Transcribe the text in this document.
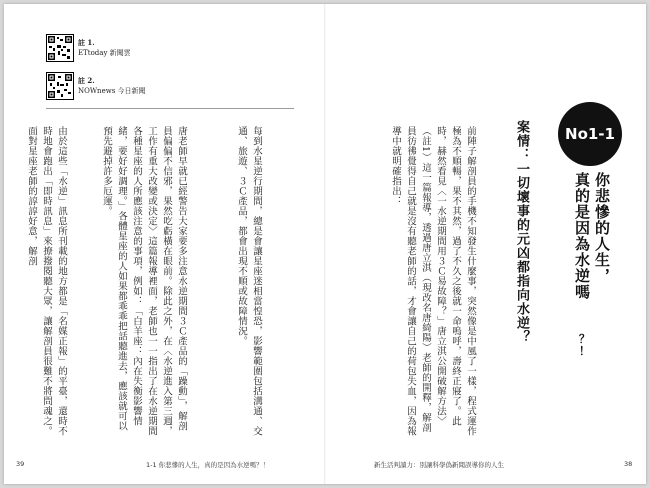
註 1.
ETtoday 新聞雲
註 2.
NOWnews 今日新聞

每到水星逆行期間，總是會讓星座迷相當惶恐，影響範圍包括溝通、交通、旅遊、３Ｃ產品，都會出現不順或故障情況。

唐老師早就已經警告大家要多注意水逆期間３Ｃ產品的「躁動」，解剖員偏偏不信邪，果然吃虧橫在眼前。除此之外，在〈水逆進入第三週，工作有重大改變或決定〉這篇報導裡面，老師也一一指出了在水逆期間各種星座的人所應該注意的事項，例如：「白羊座：內在失衡影響情緒，要好好調理。」各體星座的人如果都乖乖把話聽進去，應該就可以預先避掉許多厄運。

由於這些「水逆」訊息所刊載的地方都是「名媒正報」的平臺，還時不時地會跑出「即時訊息」來撩撥閱聽大眾，讓解剖員很難不將問魂之。面對星座老師的諄諄好意，解剖

39	1-1 你悲慘的人生，真的是因為水逆嗎？！
No1-1
你悲慘的人生，
真的是因為水逆嗎
？！
案情：一切壞事的元凶都指向水逆？

前陣子解剖員的手機不知發生什麼事，突然像是中風了一樣，程式運作極為不順暢，果不其然，過了不久之後就一命嗚呼，壽終正寢了。此時，赫然看見〈一水逆期間用３Ｃ易故障？」唐立淇公開破解方法〉（註1）這一篇報導，透過唐立淇（現改名唐綺陽）老師的開釋，解剖員彷彿覺得自己就是沒有聽老師的話，才會讓自己的荷包失血，因為報導中就明確指出：

新生活判讀力：別讓科學偽新聞誤導你的人生	38
